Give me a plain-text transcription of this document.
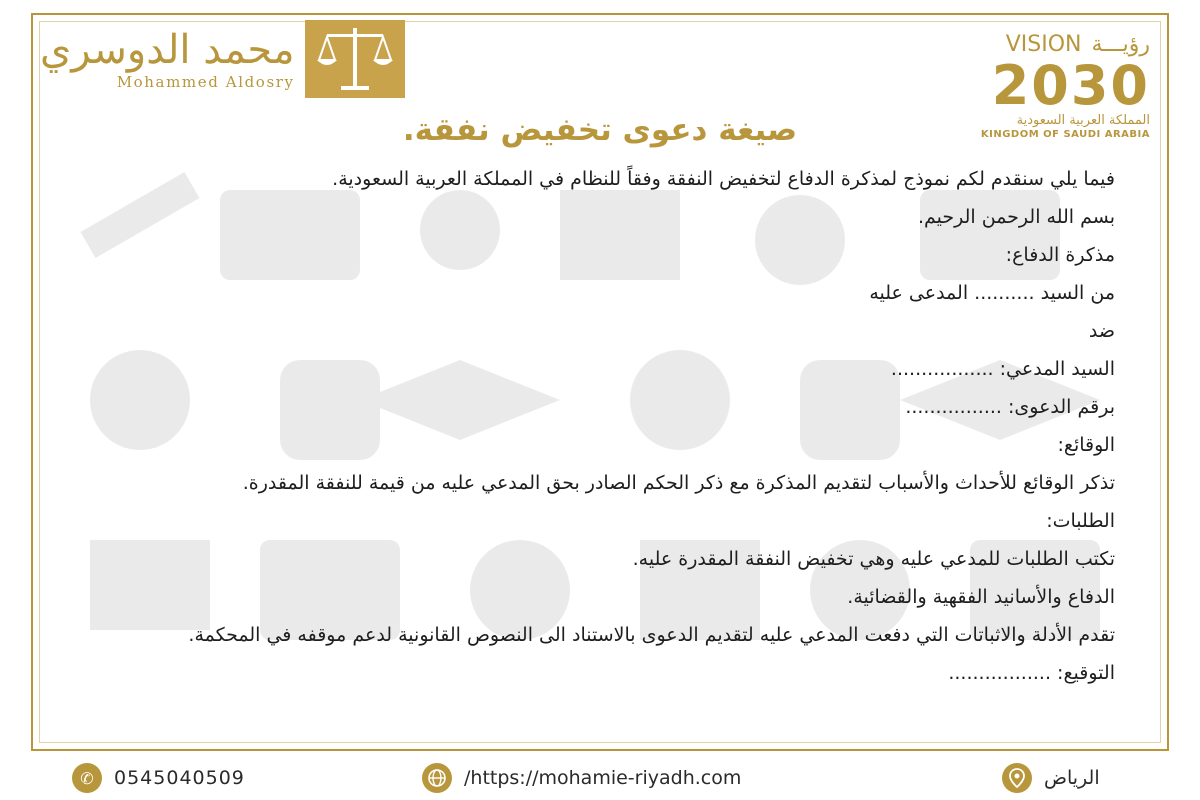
محمد الدوسري
Mohammed Aldosry
VISION رؤيـــة
2030
المملكة العربية السعودية
KINGDOM OF SAUDI ARABIA
صيغة دعوى تخفيض نفقة.

فيما يلي سنقدم لكم نموذج لمذكرة الدفاع لتخفيض النفقة وفقاً للنظام في المملكة العربية السعودية.

بسم الله الرحمن الرحيم.

مذكرة الدفاع:

من السيد .......... المدعى عليه

ضد

السيد المدعي: .................

برقم الدعوى: ................

الوقائع:

تذكر الوقائع للأحداث والأسباب لتقديم المذكرة مع ذكر الحكم الصادر بحق المدعي عليه من قيمة للنفقة المقدرة.

الطلبات:

تكتب الطلبات للمدعي عليه وهي تخفيض النفقة المقدرة عليه.

الدفاع والأسانيد الفقهية والقضائية.

تقدم الأدلة والاثباتات التي دفعت المدعي عليه لتقديم الدعوى بالاستناد الى النصوص القانونية لدعم موقفه في المحكمة.

التوقيع: .................

✆	0545040509	https://mohamie-riyadh.com/	الرياض
